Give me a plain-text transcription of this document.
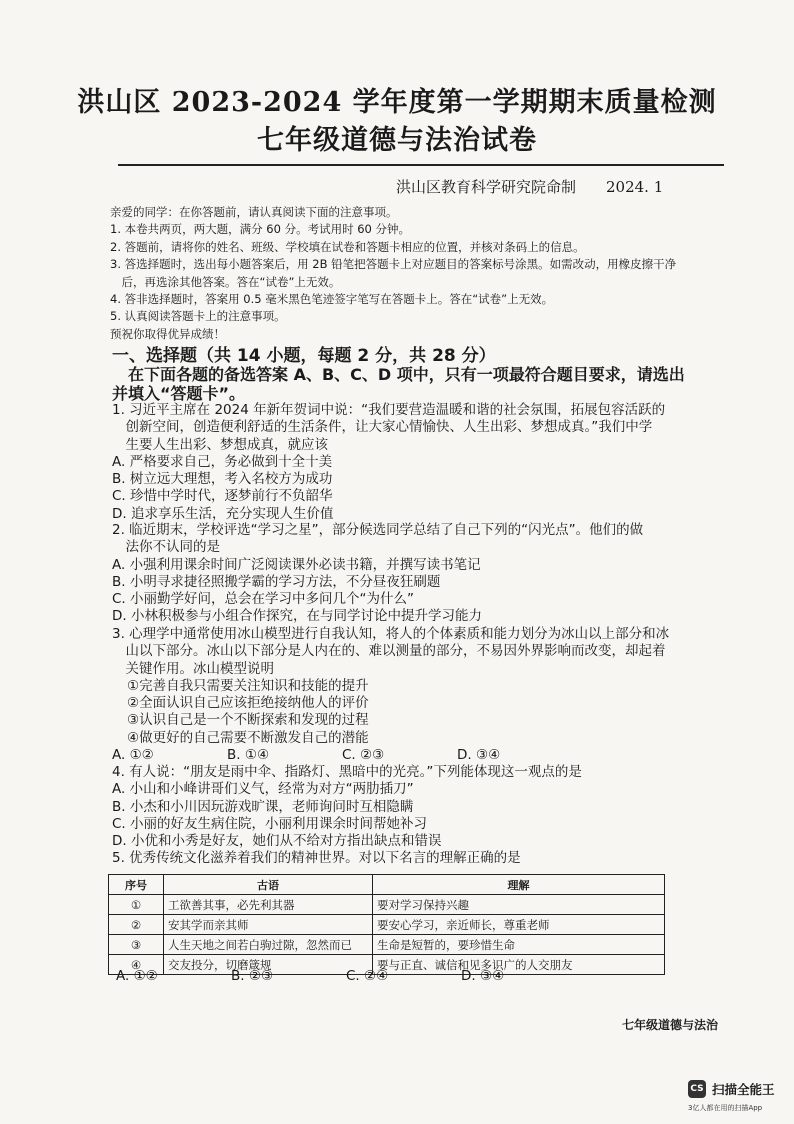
洪山区 2023-2024 学年度第一学期期末质量检测
七年级道德与法治试卷
洪山区教育科学研究院命制　　2024. 1
亲爱的同学：在你答题前，请认真阅读下面的注意事项。
1. 本卷共两页，两大题，满分 60 分。考试用时 60 分钟。
2. 答题前，请将你的姓名、班级、学校填在试卷和答题卡相应的位置，并核对条码上的信息。
3. 答选择题时，选出每小题答案后，用 2B 铅笔把答题卡上对应题目的答案标号涂黑。如需改动，用橡皮擦干净
　后，再选涂其他答案。答在“试卷”上无效。
4. 答非选择题时，答案用 0.5 毫米黑色笔迹签字笔写在答题卡上。答在“试卷”上无效。
5. 认真阅读答题卡上的注意事项。
预祝你取得优异成绩！
一、选择题（共 14 小题，每题 2 分，共 28 分）
　在下面各题的备选答案 A、B、C、D 项中，只有一项最符合题目要求，请选出
并填入“答题卡”。
1. 习近平主席在 2024 年新年贺词中说：“我们要营造温暖和谐的社会氛围，拓展包容活跃的
　创新空间，创造便利舒适的生活条件，让大家心情愉快、人生出彩、梦想成真。”我们中学
　生要人生出彩、梦想成真，就应该
A. 严格要求自己，务必做到十全十美
B. 树立远大理想，考入名校方为成功
C. 珍惜中学时代，逐梦前行不负韶华
D. 追求享乐生活，充分实现人生价值
2. 临近期末，学校评选“学习之星”，部分候选同学总结了自己下列的“闪光点”。他们的做
　法你不认同的是
A. 小强利用课余时间广泛阅读课外必读书籍，并撰写读书笔记
B. 小明寻求捷径照搬学霸的学习方法，不分昼夜狂刷题
C. 小丽勤学好问，总会在学习中多问几个“为什么”
D. 小林积极参与小组合作探究，在与同学讨论中提升学习能力
3. 心理学中通常使用冰山模型进行自我认知，将人的个体素质和能力划分为冰山以上部分和冰
　山以下部分。冰山以下部分是人内在的、难以测量的部分，不易因外界影响而改变，却起着
　关键作用。冰山模型说明
①完善自我只需要关注知识和技能的提升
②全面认识自己应该拒绝接纳他人的评价
③认识自己是一个不断探索和发现的过程
④做更好的自己需要不断激发自己的潜能
A. ①②	B. ①④	C. ②③	D. ③④
4. 有人说：“朋友是雨中伞、指路灯、黑暗中的光亮。”下列能体现这一观点的是
A. 小山和小峰讲哥们义气，经常为对方“两肋插刀”
B. 小杰和小川因玩游戏旷课，老师询问时互相隐瞒
C. 小丽的好友生病住院，小丽利用课余时间帮她补习
D. 小优和小秀是好友，她们从不给对方指出缺点和错误
5. 优秀传统文化滋养着我们的精神世界。对以下名言的理解正确的是
序号	古语	理解
①	工欲善其事，必先利其器	要对学习保持兴趣
②	安其学而亲其师	要安心学习，亲近师长，尊重老师
③	人生天地之间若白驹过隙，忽然而已	生命是短暂的，要珍惜生命
④	交友投分，切磨箴规	要与正直、诚信和见多识广的人交朋友
A. ①②	B. ②③	C. ②④	D. ③④
七年级道德与法治
CS 扫描全能王
3亿人都在用的扫描App
